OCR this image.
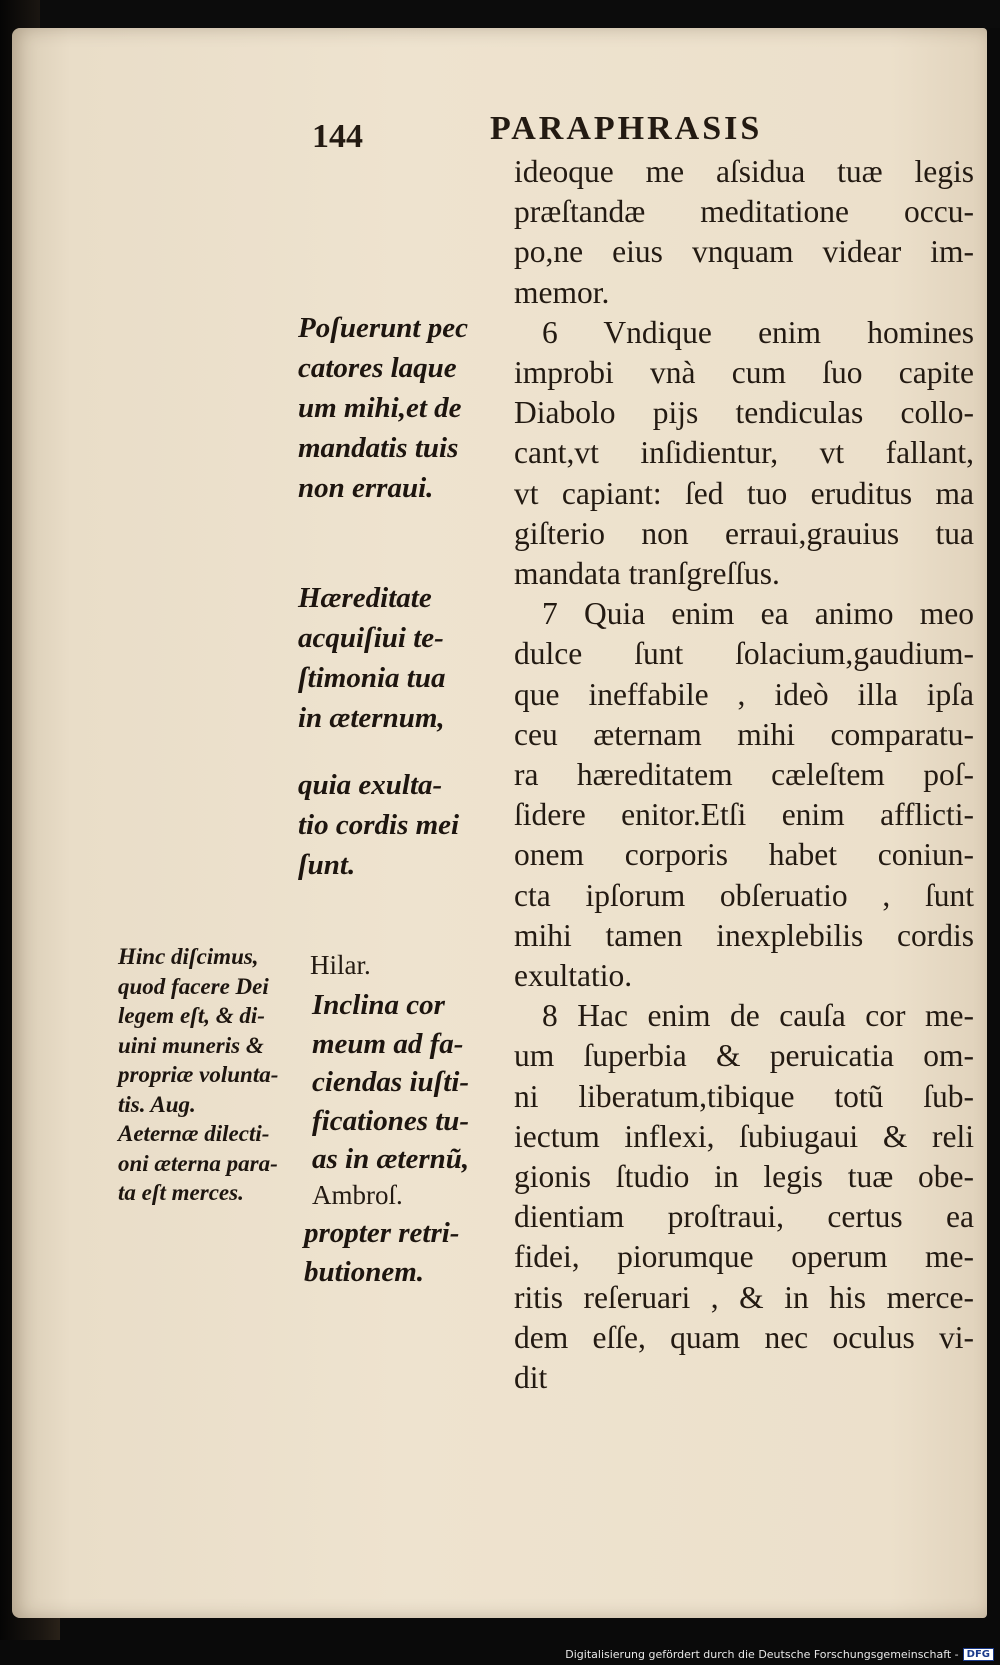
144	PARAPHRASIS
ideoque me aſsidua tuæ legis
præſtandæ meditatione occu-
po,ne eius vnquam videar im-
memor.
6 Vndique enim homines
improbi vnà cum ſuo capite
Diabolo pijs tendiculas collo-
cant,vt inſidientur, vt fallant,
vt capiant: ſed tuo eruditus ma
giſterio non erraui,grauius tua
mandata tranſgreſſus.
7 Quia enim ea animo meo
dulce ſunt ſolacium,gaudium-
que ineffabile , ideò illa ipſa
ceu æternam mihi comparatu-
ra hæreditatem cæleſtem poſ-
ſidere enitor.Etſi enim afflicti-
onem corporis habet coniun-
cta ipſorum obſeruatio , ſunt
mihi tamen inexplebilis cordis
exultatio.
8 Hac enim de cauſa cor me-
um ſuperbia & peruicatia om-
ni liberatum,tibique totũ ſub-
iectum inflexi, ſubiugaui & reli
gionis ſtudio in legis tuæ obe-
dientiam proſtraui, certus ea
fidei, piorumque operum me-
ritis reſeruari , & in his merce-
dem eſſe, quam nec oculus vi-
dit
Poſuerunt pec
catores laque
um mihi,et de
mandatis tuis
non erraui.
Hæreditate
acquiſiui te-
ſtimonia tua
in æternum,
quia exulta-
tio cordis mei
ſunt.
Hilar.
Inclina cor
meum ad fa-
ciendas iuſti-
ficationes tu-
as in æternũ,
Ambroſ.
propter retri-
butionem.
Hinc diſcimus,
quod facere Dei
legem eſt, & di-
uini muneris &
propriæ volunta-
tis. Aug.
Aeternæ dilecti-
oni æterna para-
ta eſt merces.
Digitalisierung gefördert durch die Deutsche Forschungsgemeinschaft - DFG
